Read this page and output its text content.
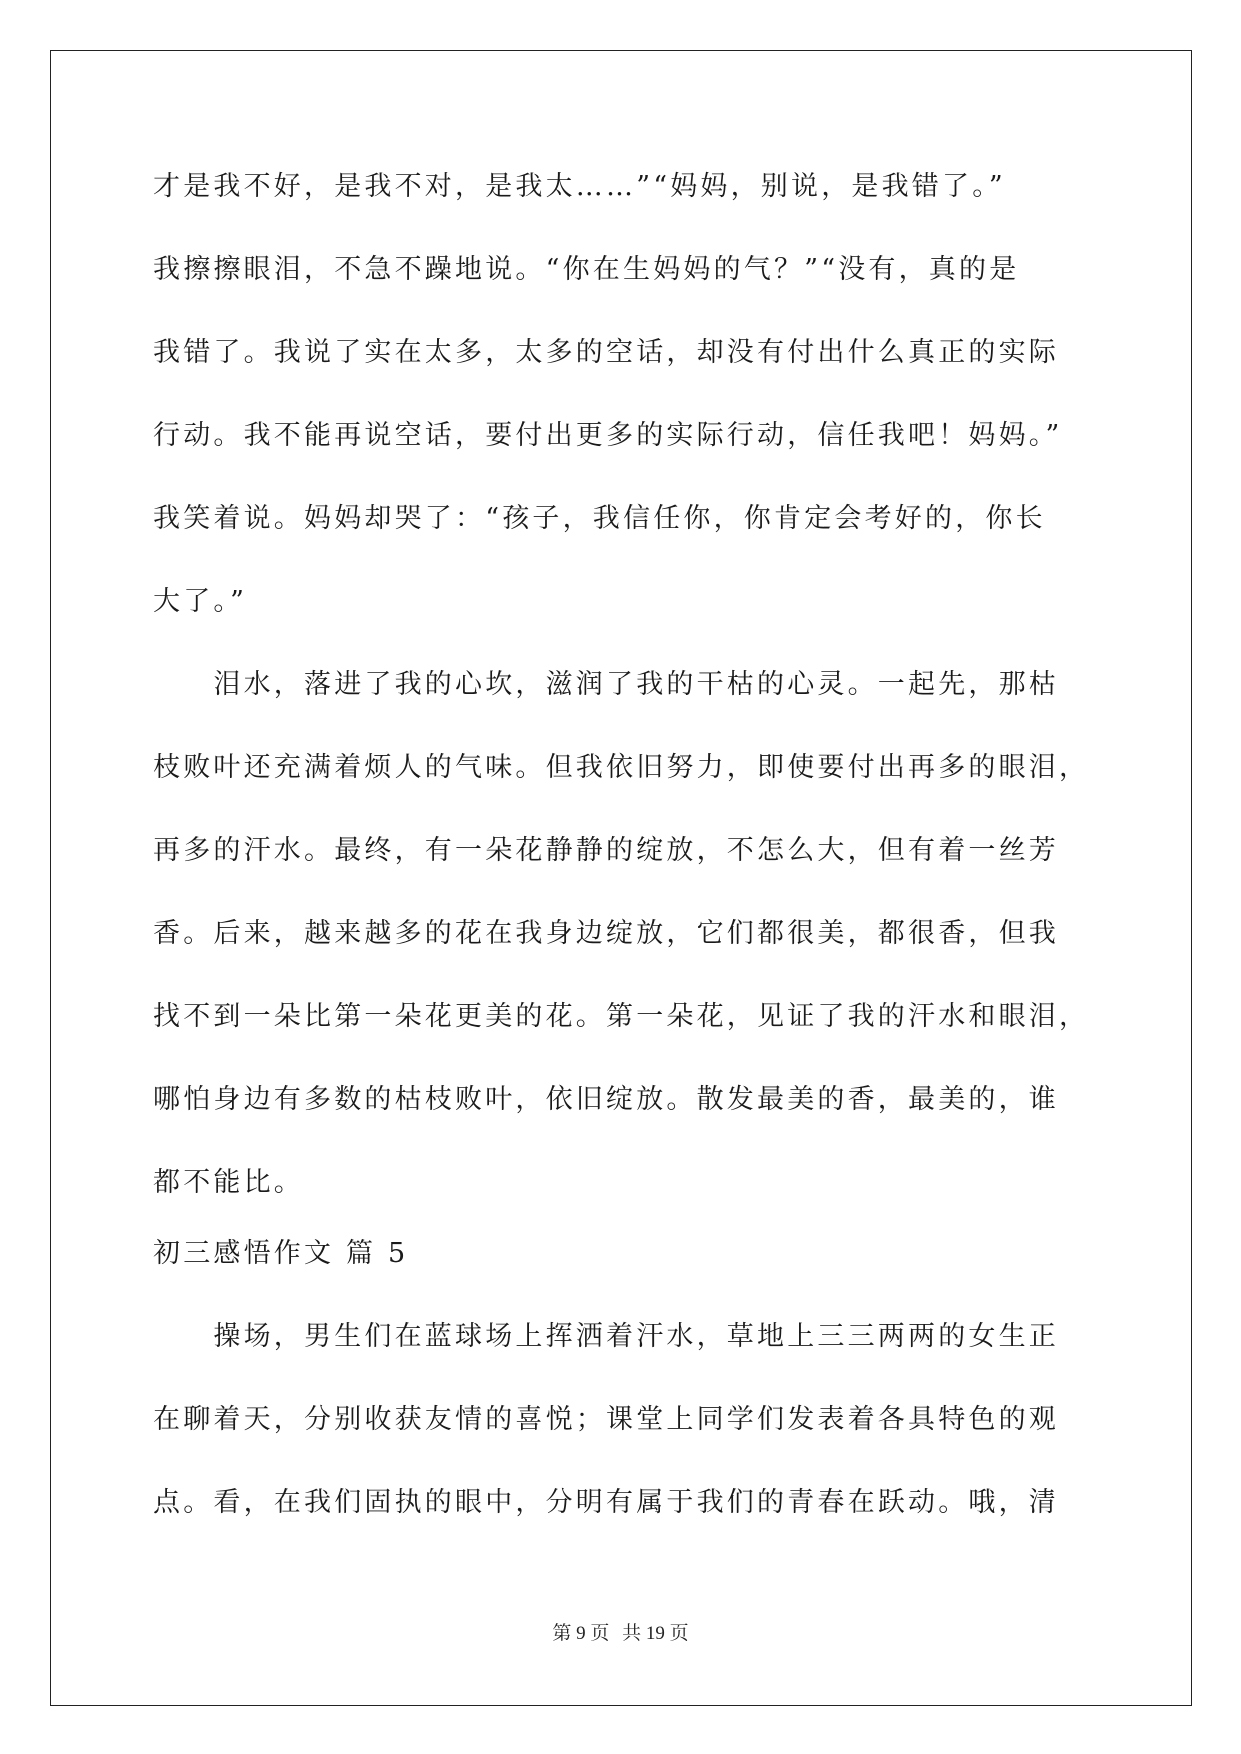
才是我不好，是我不对，是我太……”“妈妈，别说，是我错了。”
我擦擦眼泪，不急不躁地说。“你在生妈妈的气？”“没有，真的是
我错了。我说了实在太多，太多的空话，却没有付出什么真正的实际
行动。我不能再说空话，要付出更多的实际行动，信任我吧！妈妈。”
我笑着说。妈妈却哭了：“孩子，我信任你，你肯定会考好的，你长
大了。”
　　泪水，落进了我的心坎，滋润了我的干枯的心灵。一起先，那枯
枝败叶还充满着烦人的气味。但我依旧努力，即使要付出再多的眼泪，
再多的汗水。最终，有一朵花静静的绽放，不怎么大，但有着一丝芳
香。后来，越来越多的花在我身边绽放，它们都很美，都很香，但我
找不到一朵比第一朵花更美的花。第一朵花，见证了我的汗水和眼泪，
哪怕身边有多数的枯枝败叶，依旧绽放。散发最美的香，最美的，谁
都不能比。
初三感悟作文 篇 5
　　操场，男生们在蓝球场上挥洒着汗水，草地上三三两两的女生正
在聊着天，分别收获友情的喜悦；课堂上同学们发表着各具特色的观
点。看，在我们固执的眼中，分明有属于我们的青春在跃动。哦，清
第 9 页 共 19 页
